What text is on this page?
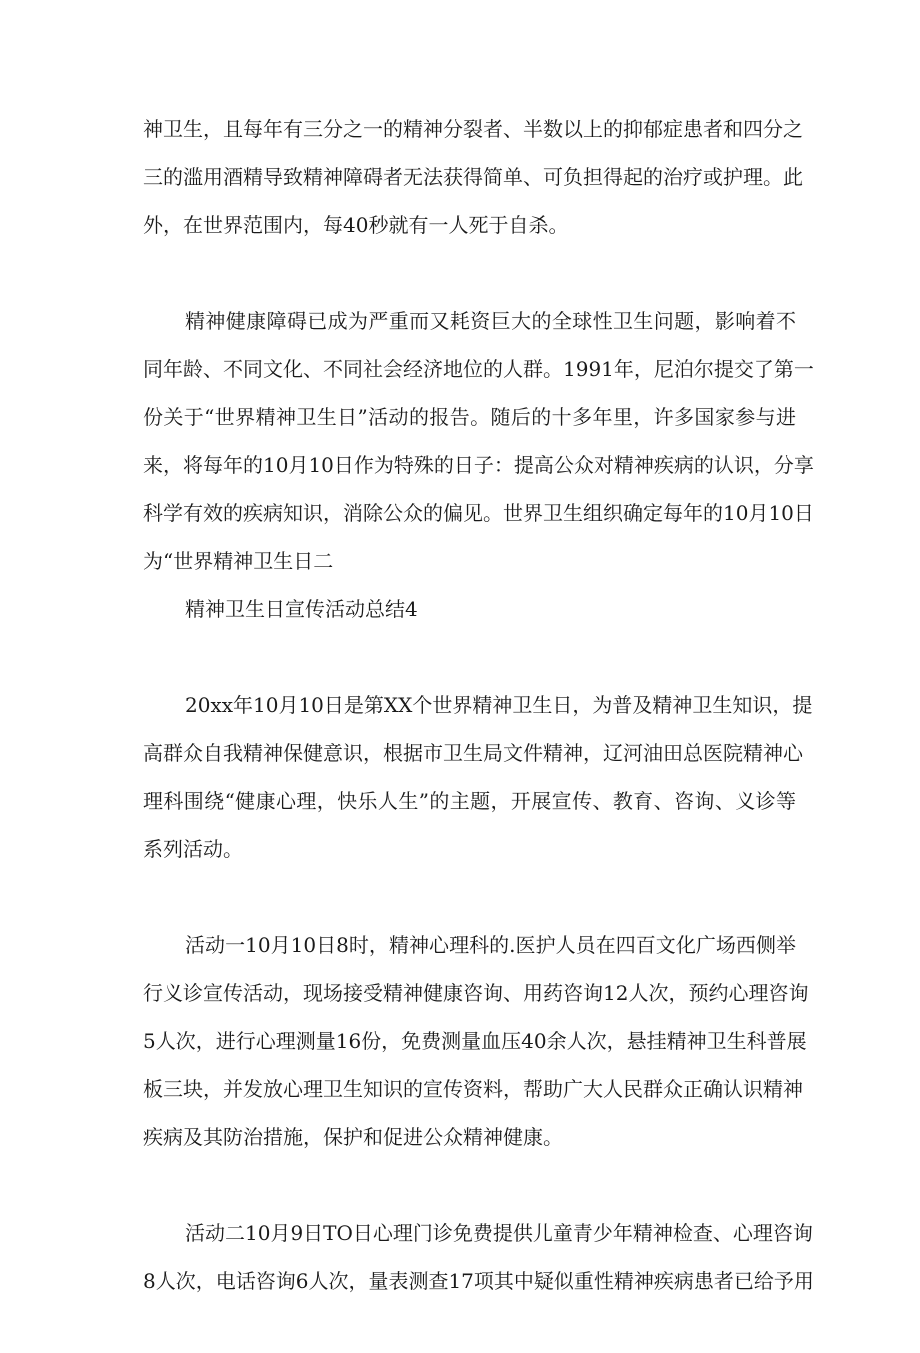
神卫生，且每年有三分之一的精神分裂者、半数以上的抑郁症患者和四分之
三的滥用酒精导致精神障碍者无法获得简单、可负担得起的治疗或护理。此
外，在世界范围内，每40秒就有一人死于自杀。
精神健康障碍已成为严重而又耗资巨大的全球性卫生问题，影响着不
同年龄、不同文化、不同社会经济地位的人群。1991年，尼泊尔提交了第一
份关于“世界精神卫生日”活动的报告。随后的十多年里，许多国家参与进
来，将每年的10月10日作为特殊的日子：提高公众对精神疾病的认识，分享
科学有效的疾病知识，消除公众的偏见。世界卫生组织确定每年的10月10日
为“世界精神卫生日二
精神卫生日宣传活动总结4
20xx年10月10日是第XX个世界精神卫生日，为普及精神卫生知识，提
高群众自我精神保健意识，根据市卫生局文件精神，辽河油田总医院精神心
理科围绕“健康心理，快乐人生”的主题，开展宣传、教育、咨询、义诊等
系列活动。
活动一10月10日8时，精神心理科的.医护人员在四百文化广场西侧举
行义诊宣传活动，现场接受精神健康咨询、用药咨询12人次，预约心理咨询
5人次，进行心理测量16份，免费测量血压40余人次，悬挂精神卫生科普展
板三块，并发放心理卫生知识的宣传资料，帮助广大人民群众正确认识精神
疾病及其防治措施，保护和促进公众精神健康。
活动二10月9日TO日心理门诊免费提供儿童青少年精神检查、心理咨询
8人次，电话咨询6人次，量表测查17项其中疑似重性精神疾病患者已给予用
